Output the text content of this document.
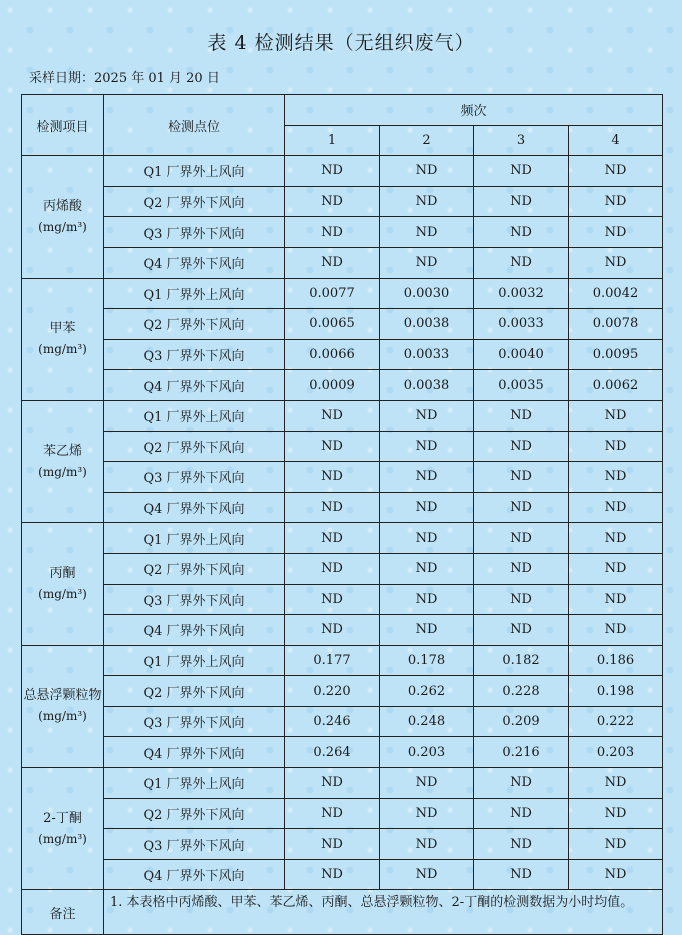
表 4 检测结果（无组织废气）
采样日期：2025 年 01 月 20 日
检测项目	检测点位	频次			
		1	2	3	4

丙烯酸
(mg/m³)	Q1 厂界外上风向	ND	ND	ND	ND
	Q2 厂界外下风向	ND	ND	ND	ND
	Q3 厂界外下风向	ND	ND	ND	ND
	Q4 厂界外下风向	ND	ND	ND	ND

甲苯
(mg/m³)	Q1 厂界外上风向	0.0077	0.0030	0.0032	0.0042
	Q2 厂界外下风向	0.0065	0.0038	0.0033	0.0078
	Q3 厂界外下风向	0.0066	0.0033	0.0040	0.0095
	Q4 厂界外下风向	0.0009	0.0038	0.0035	0.0062

苯乙烯
(mg/m³)	Q1 厂界外上风向	ND	ND	ND	ND
	Q2 厂界外下风向	ND	ND	ND	ND
	Q3 厂界外下风向	ND	ND	ND	ND
	Q4 厂界外下风向	ND	ND	ND	ND

丙酮
(mg/m³)	Q1 厂界外上风向	ND	ND	ND	ND
	Q2 厂界外下风向	ND	ND	ND	ND
	Q3 厂界外下风向	ND	ND	ND	ND
	Q4 厂界外下风向	ND	ND	ND	ND

总悬浮颗粒物
(mg/m³)	Q1 厂界外上风向	0.177	0.178	0.182	0.186
	Q2 厂界外下风向	0.220	0.262	0.228	0.198
	Q3 厂界外下风向	0.246	0.248	0.209	0.222
	Q4 厂界外下风向	0.264	0.203	0.216	0.203

2-丁酮
(mg/m³)	Q1 厂界外上风向	ND	ND	ND	ND
	Q2 厂界外下风向	ND	ND	ND	ND
	Q3 厂界外下风向	ND	ND	ND	ND
	Q4 厂界外下风向	ND	ND	ND	ND
备注	1. 本表格中丙烯酸、甲苯、苯乙烯、丙酮、总悬浮颗粒物、2-丁酮的检测数据为小时均值。				
